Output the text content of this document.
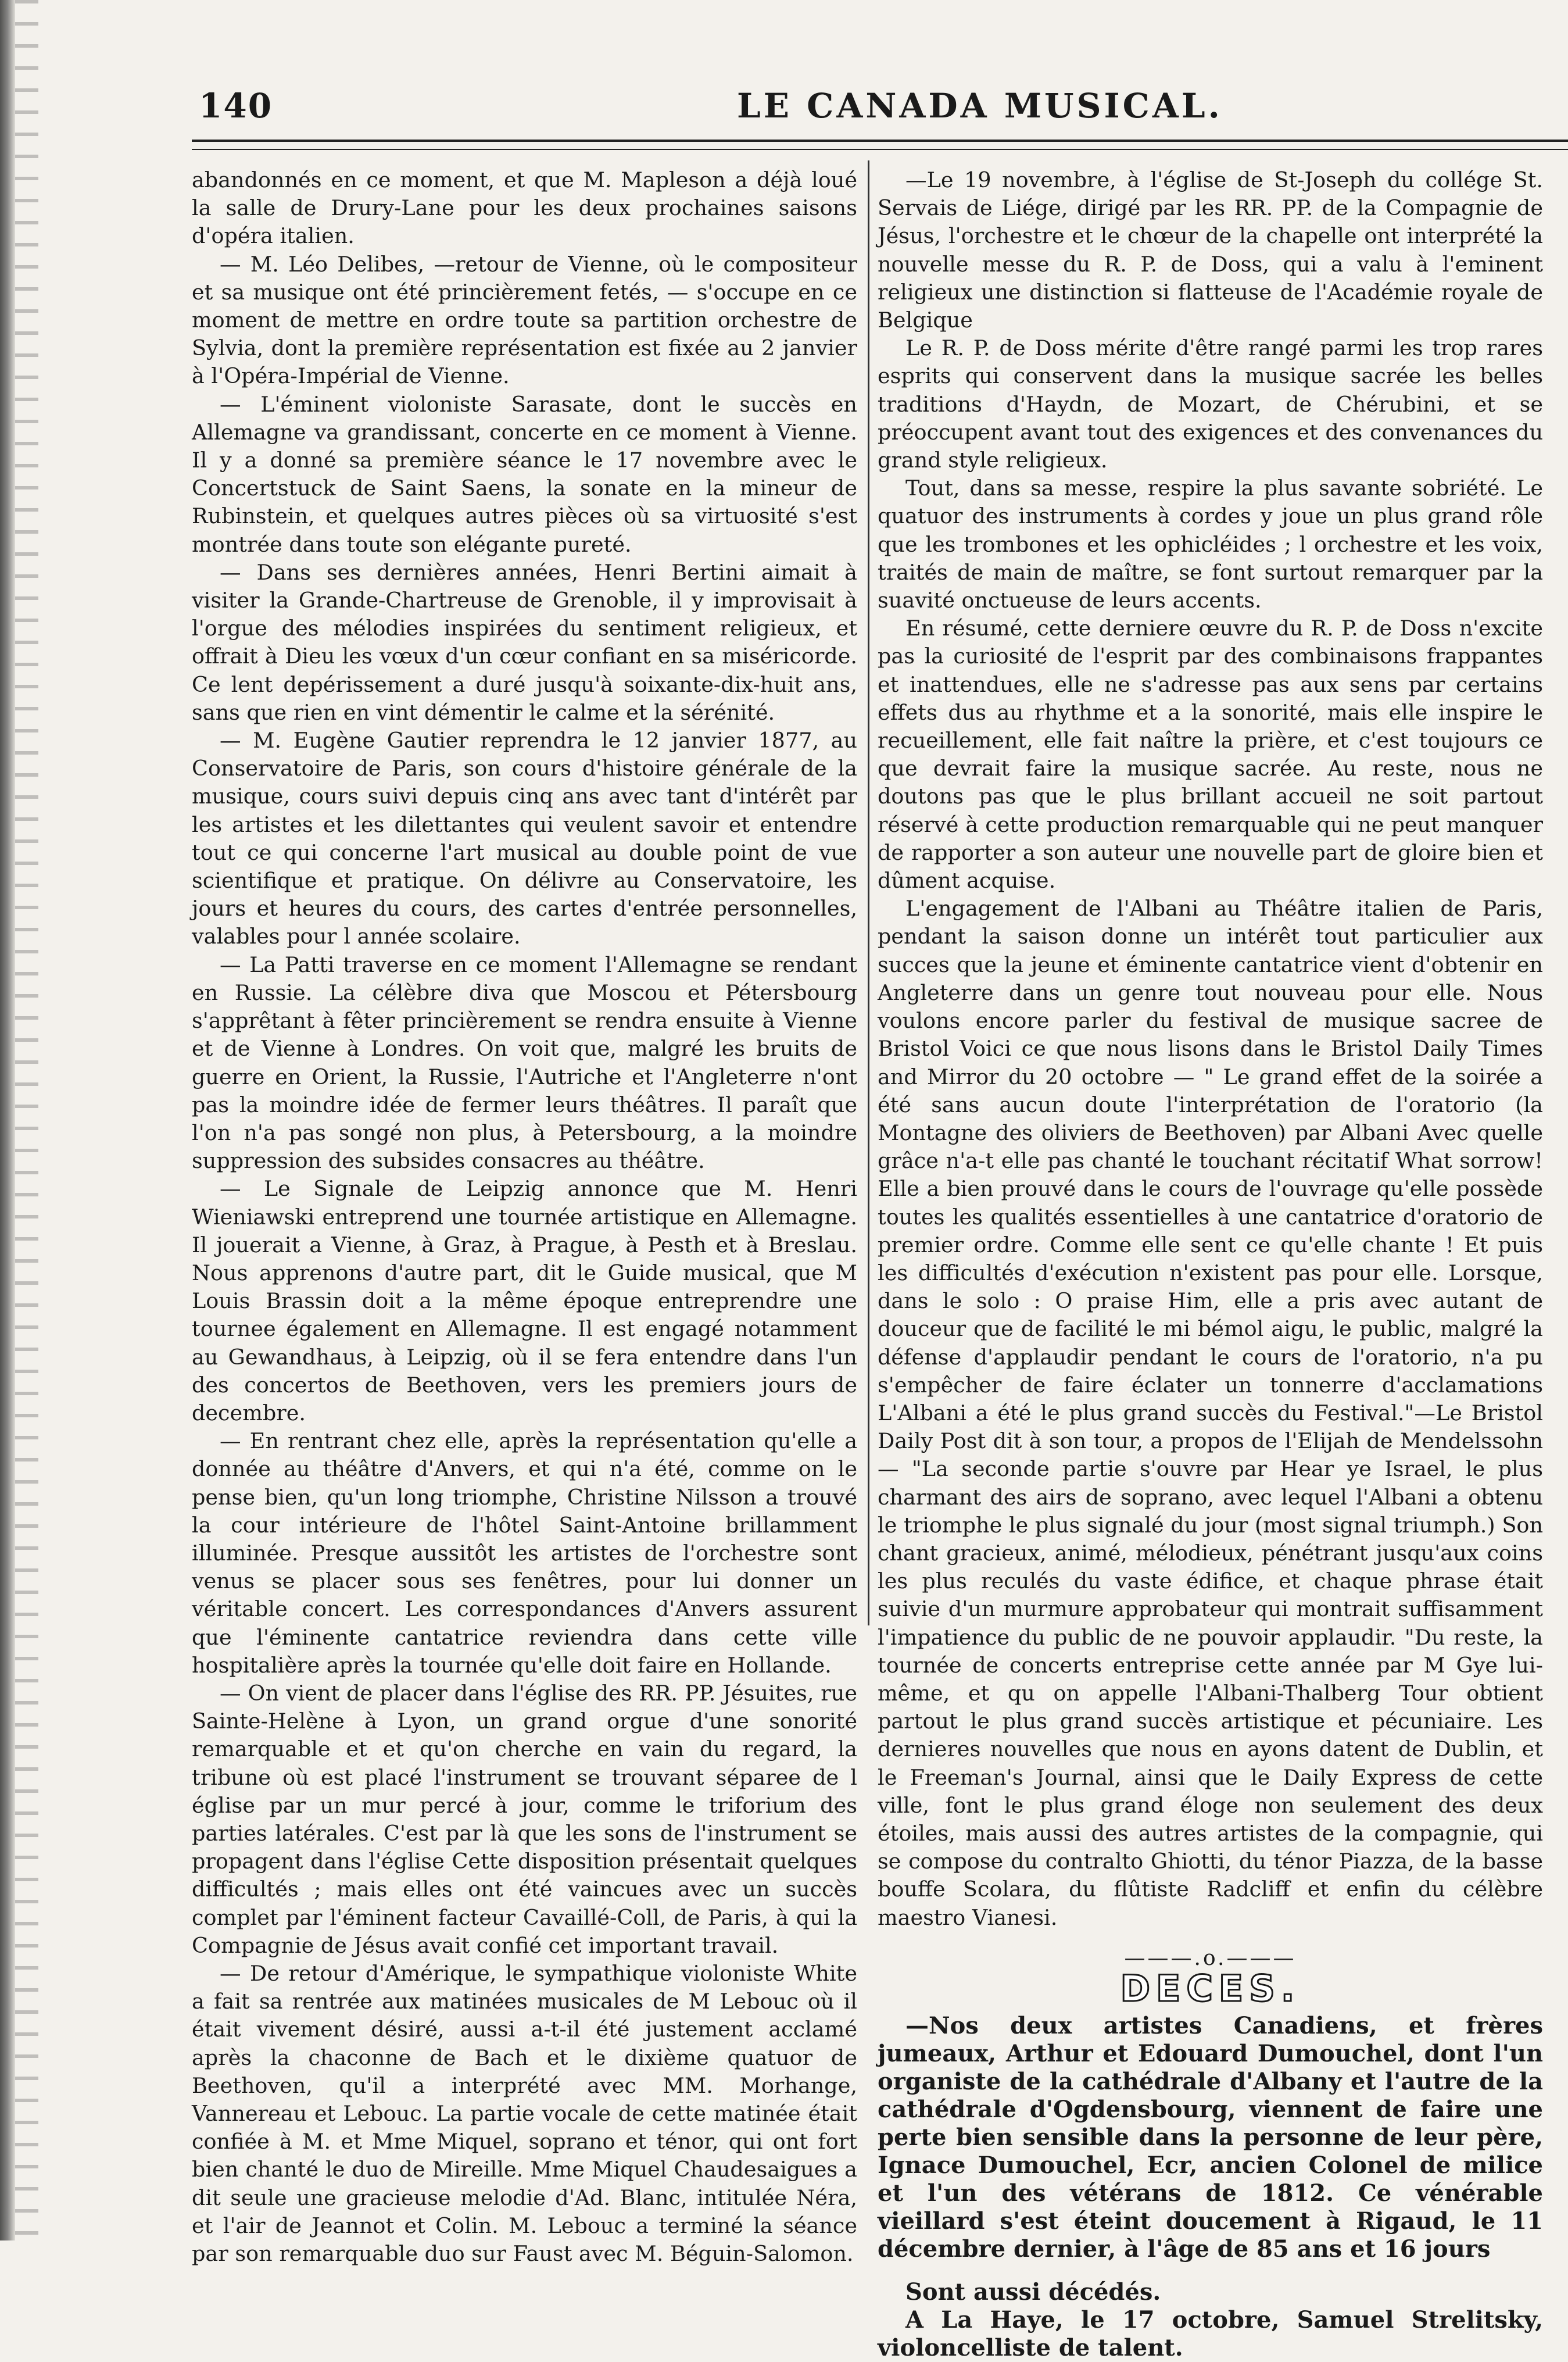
140	LE CANADA MUSICAL.

abandonnés en ce moment, et que M. Mapleson a déjà loué la salle de Drury-Lane pour les deux prochaines saisons d'opéra italien.

— M. Léo Delibes, —retour de Vienne, où le compositeur et sa musique ont été princièrement fetés, — s'occupe en ce moment de mettre en ordre toute sa partition orchestre de Sylvia, dont la première représentation est fixée au 2 janvier à l'Opéra-Impérial de Vienne.

— L'éminent violoniste Sarasate, dont le succès en Allemagne va grandissant, concerte en ce moment à Vienne. Il y a donné sa première séance le 17 novembre avec le Concertstuck de Saint Saens, la sonate en la mineur de Rubinstein, et quelques autres pièces où sa virtuosité s'est montrée dans toute son elégante pureté.

— Dans ses dernières années, Henri Bertini aimait à visiter la Grande-Chartreuse de Grenoble, il y improvisait à l'orgue des mélodies inspirées du sentiment religieux, et offrait à Dieu les vœux d'un cœur confiant en sa miséricorde. Ce lent depérissement a duré jusqu'à soixante-dix-huit ans, sans que rien en vint démentir le calme et la sérénité.

— M. Eugène Gautier reprendra le 12 janvier 1877, au Conservatoire de Paris, son cours d'histoire générale de la musique, cours suivi depuis cinq ans avec tant d'intérêt par les artistes et les dilettantes qui veulent savoir et entendre tout ce qui concerne l'art musical au double point de vue scientifique et pratique. On délivre au Conservatoire, les jours et heures du cours, des cartes d'entrée personnelles, valables pour l année scolaire.

— La Patti traverse en ce moment l'Allemagne se rendant en Russie. La célèbre diva que Moscou et Pétersbourg s'apprêtant à fêter princièrement se rendra ensuite à Vienne et de Vienne à Londres. On voit que, malgré les bruits de guerre en Orient, la Russie, l'Autriche et l'Angleterre n'ont pas la moindre idée de fermer leurs théâtres. Il paraît que l'on n'a pas songé non plus, à Petersbourg, a la moindre suppression des subsides consacres au théâtre.

— Le Signale de Leipzig annonce que M. Henri Wieniawski entreprend une tournée artistique en Allemagne. Il jouerait a Vienne, à Graz, à Prague, à Pesth et à Breslau. Nous apprenons d'autre part, dit le Guide musical, que M Louis Brassin doit a la même époque entreprendre une tournee également en Allemagne. Il est engagé notamment au Gewandhaus, à Leipzig, où il se fera entendre dans l'un des concertos de Beethoven, vers les premiers jours de decembre.

— En rentrant chez elle, après la représentation qu'elle a donnée au théâtre d'Anvers, et qui n'a été, comme on le pense bien, qu'un long triomphe, Christine Nilsson a trouvé la cour intérieure de l'hôtel Saint-Antoine brillamment illuminée. Presque aussitôt les artistes de l'orchestre sont venus se placer sous ses fenêtres, pour lui donner un véritable concert. Les correspondances d'Anvers assurent que l'éminente cantatrice reviendra dans cette ville hospitalière après la tournée qu'elle doit faire en Hollande.

— On vient de placer dans l'église des RR. PP. Jésuites, rue Sainte-Helène à Lyon, un grand orgue d'une sonorité remarquable et et qu'on cherche en vain du regard, la tribune où est placé l'instrument se trouvant séparee de l église par un mur percé à jour, comme le triforium des parties latérales. C'est par là que les sons de l'instrument se propagent dans l'église Cette disposition présentait quelques difficultés ; mais elles ont été vaincues avec un succès complet par l'éminent facteur Cavaillé-Coll, de Paris, à qui la Compagnie de Jésus avait confié cet important travail.

— De retour d'Amérique, le sympathique violoniste White a fait sa rentrée aux matinées musicales de M Lebouc où il était vivement désiré, aussi a-t-il été justement acclamé après la chaconne de Bach et le dixième quatuor de Beethoven, qu'il a interprété avec MM. Morhange, Vannereau et Lebouc. La partie vocale de cette matinée était confiée à M. et Mme Miquel, soprano et ténor, qui ont fort bien chanté le duo de Mireille. Mme Miquel Chaudesaigues a dit seule une gracieuse melodie d'Ad. Blanc, intitulée Néra, et l'air de Jeannot et Colin. M. Lebouc a terminé la séance par son remarquable duo sur Faust avec M. Béguin-Salomon.

—Le 19 novembre, à l'église de St-Joseph du collége St. Servais de Liége, dirigé par les RR. PP. de la Compagnie de Jésus, l'orchestre et le chœur de la chapelle ont interprété la nouvelle messe du R. P. de Doss, qui a valu à l'eminent religieux une distinction si flatteuse de l'Académie royale de Belgique

Le R. P. de Doss mérite d'être rangé parmi les trop rares esprits qui conservent dans la musique sacrée les belles traditions d'Haydn, de Mozart, de Chérubini, et se préoccupent avant tout des exigences et des convenances du grand style religieux.

Tout, dans sa messe, respire la plus savante sobriété. Le quatuor des instruments à cordes y joue un plus grand rôle que les trombones et les ophicléides ; l orchestre et les voix, traités de main de maître, se font surtout remarquer par la suavité onctueuse de leurs accents.

En résumé, cette derniere œuvre du R. P. de Doss n'excite pas la curiosité de l'esprit par des combinaisons frappantes et inattendues, elle ne s'adresse pas aux sens par certains effets dus au rhythme et a la sonorité, mais elle inspire le recueillement, elle fait naître la prière, et c'est toujours ce que devrait faire la musique sacrée. Au reste, nous ne doutons pas que le plus brillant accueil ne soit partout réservé à cette production remarquable qui ne peut manquer de rapporter a son auteur une nouvelle part de gloire bien et dûment acquise.

L'engagement de l'Albani au Théâtre italien de Paris, pendant la saison donne un intérêt tout particulier aux succes que la jeune et éminente cantatrice vient d'obtenir en Angleterre dans un genre tout nouveau pour elle. Nous voulons encore parler du festival de musique sacree de Bristol Voici ce que nous lisons dans le Bristol Daily Times and Mirror du 20 octobre — " Le grand effet de la soirée a été sans aucun doute l'interprétation de l'oratorio (la Montagne des oliviers de Beethoven) par Albani Avec quelle grâce n'a-t elle pas chanté le touchant récitatif What sorrow! Elle a bien prouvé dans le cours de l'ouvrage qu'elle possède toutes les qualités essentielles à une cantatrice d'oratorio de premier ordre. Comme elle sent ce qu'elle chante ! Et puis les difficultés d'exécution n'existent pas pour elle. Lorsque, dans le solo : O praise Him, elle a pris avec autant de douceur que de facilité le mi bémol aigu, le public, malgré la défense d'applaudir pendant le cours de l'oratorio, n'a pu s'empêcher de faire éclater un tonnerre d'acclamations L'Albani a été le plus grand succès du Festival."—Le Bristol Daily Post dit à son tour, a propos de l'Elijah de Mendelssohn — "La seconde partie s'ouvre par Hear ye Israel, le plus charmant des airs de soprano, avec lequel l'Albani a obtenu le triomphe le plus signalé du jour (most signal triumph.) Son chant gracieux, animé, mélodieux, pénétrant jusqu'aux coins les plus reculés du vaste édifice, et chaque phrase était suivie d'un murmure approbateur qui montrait suffisamment l'impatience du public de ne pouvoir applaudir. "Du reste, la tournée de concerts entreprise cette année par M Gye lui-même, et qu on appelle l'Albani-Thalberg Tour obtient partout le plus grand succès artistique et pécuniaire. Les dernieres nouvelles que nous en ayons datent de Dublin, et le Freeman's Journal, ainsi que le Daily Express de cette ville, font le plus grand éloge non seulement des deux étoiles, mais aussi des autres artistes de la compagnie, qui se compose du contralto Ghiotti, du ténor Piazza, de la basse bouffe Scolara, du flûtiste Radcliff et enfin du célèbre maestro Vianesi.

———.o.———
DECES.

—Nos deux artistes Canadiens, et frères jumeaux, Arthur et Edouard Dumouchel, dont l'un organiste de la cathédrale d'Albany et l'autre de la cathédrale d'Ogdensbourg, viennent de faire une perte bien sensible dans la personne de leur père, Ignace Dumouchel, Ecr, ancien Colonel de milice et l'un des vétérans de 1812. Ce vénérable vieillard s'est éteint doucement à Rigaud, le 11 décembre dernier, à l'âge de 85 ans et 16 jours

Sont aussi décédés.

A La Haye, le 17 octobre, Samuel Strelitsky, violoncelliste de talent.
